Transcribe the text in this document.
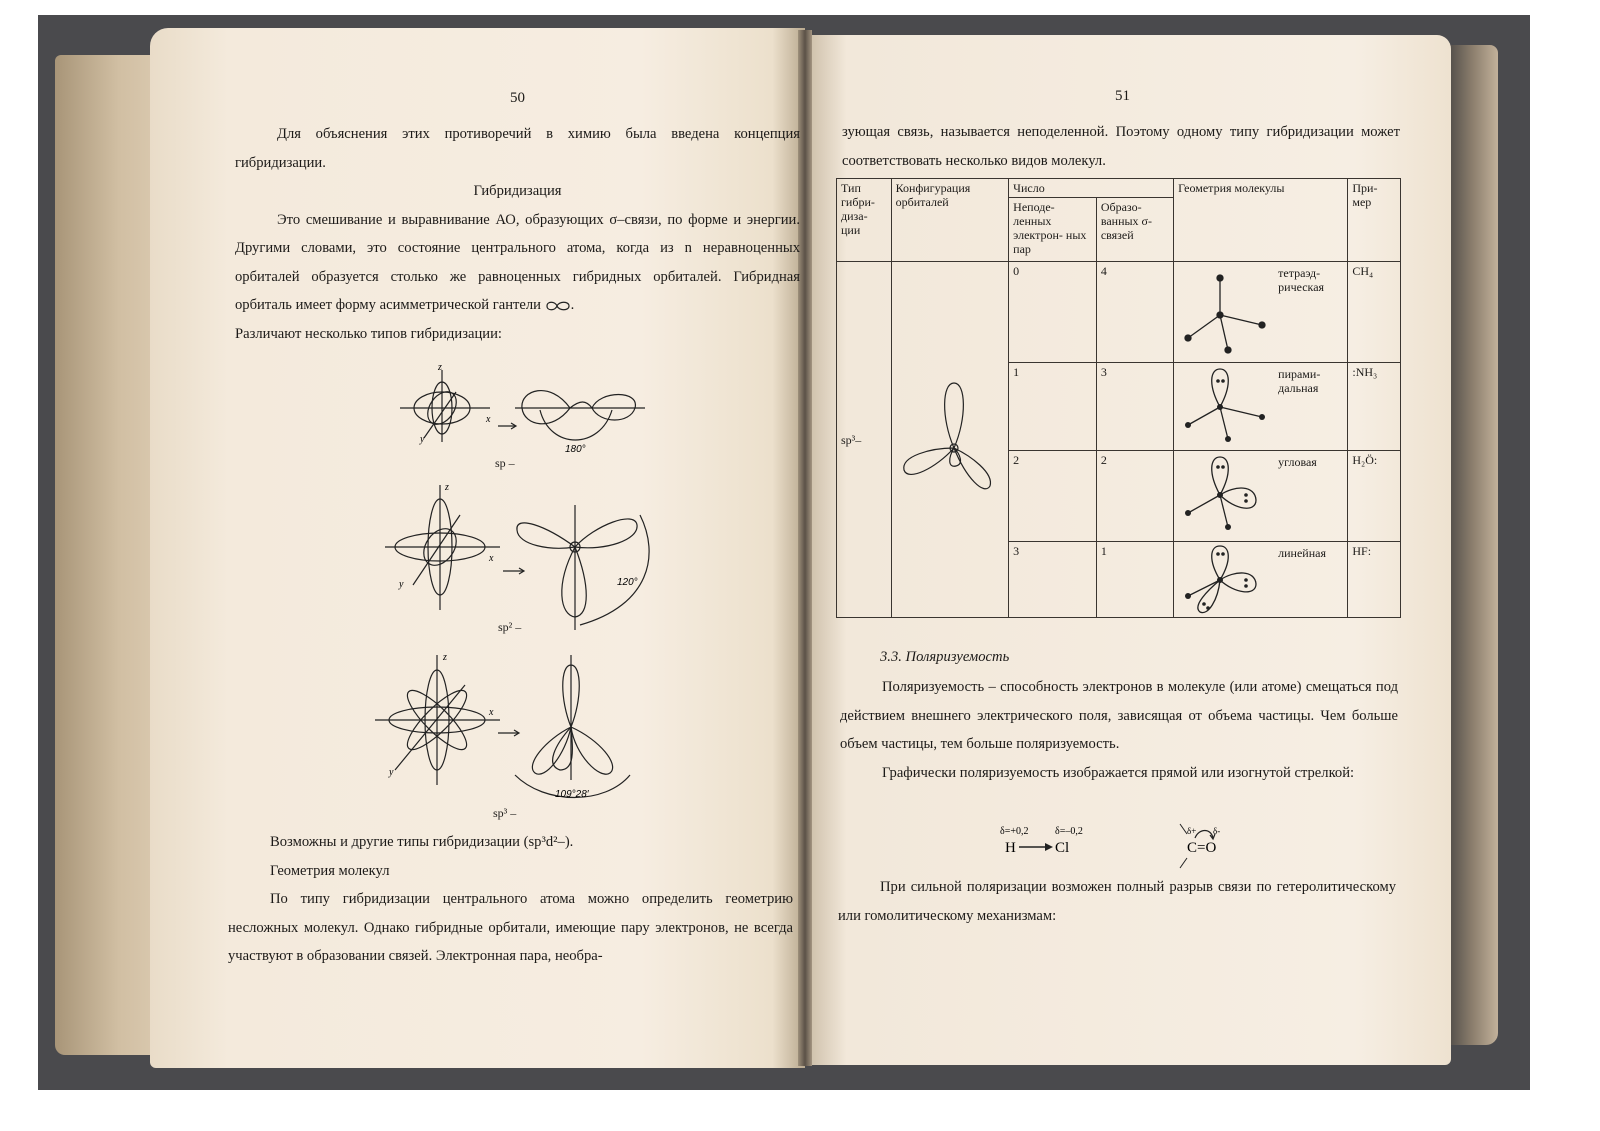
50

Для объяснения этих противоречий в химию была введена концепция гибридизации.

Гибридизация

Это смешивание и выравнивание АО, образующих σ–связи, по форме и энергии. Другими словами, это состояние центрального атома, когда из n неравноценных орбиталей образуется столько же равноценных гибридных орбиталей. Гибридная орбиталь имеет форму асимметрической гантели .

Различают несколько типов гибридизации:

z
x
y
180°
sp –
z
x
y	120°
sp² –
z
x
y
109°28′
sp³ –

Возможны и другие типы гибридизации (sp³d²–).

Геометрия молекул

По типу гибридизации центрального атома можно определить геометрию несложных молекул. Однако гибридные орбитали, имеющие пару электронов, не всегда участвуют в образовании связей. Электронная пара, необра-

51

зующая связь, называется неподеленной. Поэтому одному типу гибридизации может соответствовать несколько видов молекул.

Тип гибри- диза- ции	Конфигурация орбиталей	Число		Геометрия молекулы	При- мер
		Неподе- ленных электрон- ных пар	Образо- ванных σ- связей		
sp³–		0	4	тетраэд- рическая	CH₄
		1	3	пирами- дальная	:NH₃
		2	2	угловая	H₂Ö:
		3	1	линейная	HF:
3.3. Поляризуемость

Поляризуемость – способность электронов в молекуле (или атоме) смещаться под действием внешнего электрического поля, зависящая от объема частицы. Чем больше объем частицы, тем больше поляризуемость.

Графически поляризуемость изображается прямой или изогнутой стрелкой:

δ=+0,2	δ=–0,2
H	Cl
δ+ δ-
C=O

При сильной поляризации возможен полный разрыв связи по гетеролитическому или гомолитическому механизмам:
